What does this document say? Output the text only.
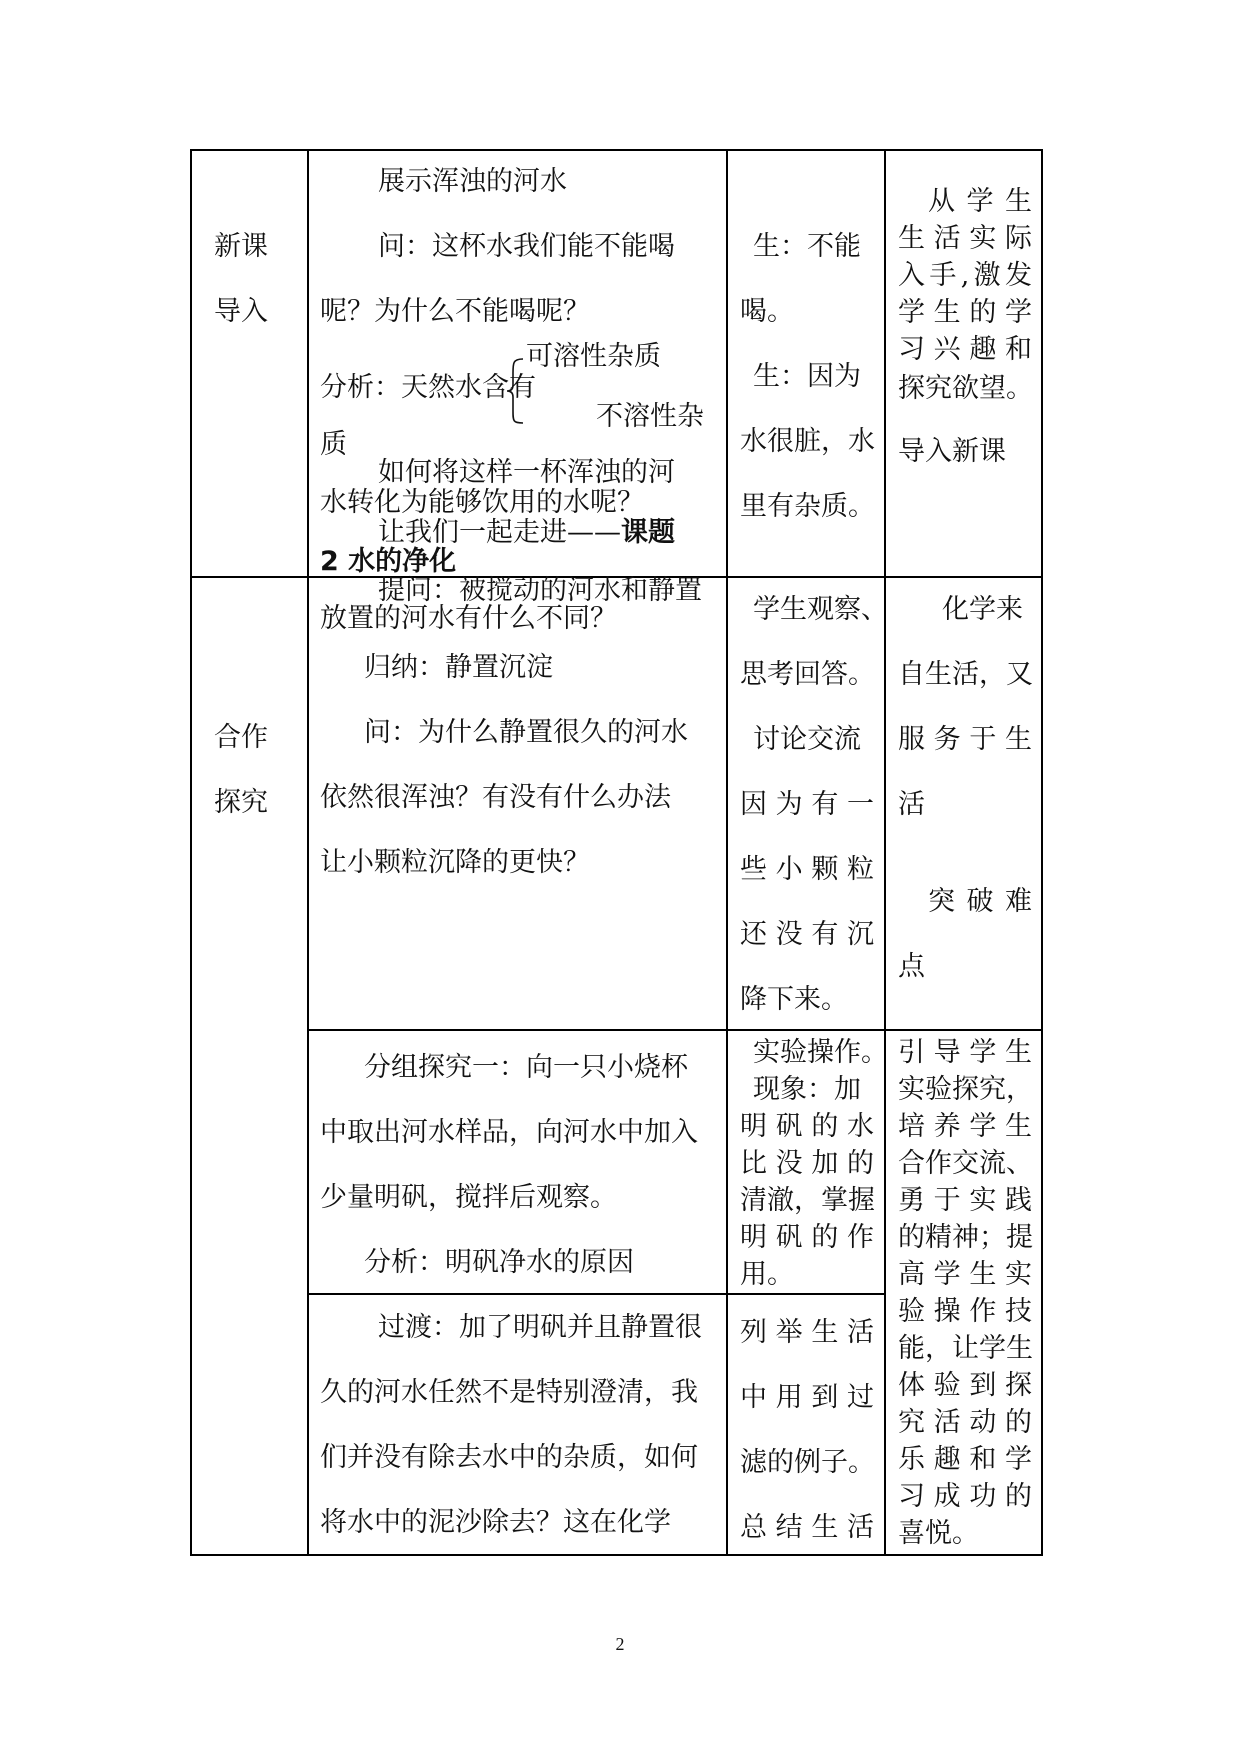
新课
导入
展示浑浊的河水
问：这杯水我们能不能喝
呢？为什么不能喝呢？
可溶性杂质
分析：天然水含有
不溶性杂
质
如何将这样一杯浑浊的河
水转化为能够饮用的水呢？
让我们一起走进——课题
2 水的净化
生：不能
喝。
生：因为
水很脏，水
里有杂质。
从学生
生活实际
入手,激发
学生的学
习兴趣和
探究欲望。
导入新课
合作
探究
提问：被搅动的河水和静置
放置的河水有什么不同？
归纳：静置沉淀
问：为什么静置很久的河水
依然很浑浊？有没有什么办法
让小颗粒沉降的更快？
学生观察、
思考回答。
讨论交流
因为有一
些小颗粒
还没有沉
降下来。
化学来
自生活，又
服务于生
活
突破难
点
分组探究一：向一只小烧杯
中取出河水样品，向河水中加入
少量明矾，搅拌后观察。
分析：明矾净水的原因
实验操作。
现象：加
明矾的水
比没加的
清澈，掌握
明矾的作
用。
过渡：加了明矾并且静置很
久的河水任然不是特别澄清，我
们并没有除去水中的杂质，如何
将水中的泥沙除去？这在化学
列举生活
中用到过
滤的例子。
总结生活
引导学生
实验探究，
培养学生
合作交流、
勇于实践
的精神；提
高学生实
验操作技
能，让学生
体验到探
究活动的
乐趣和学
习成功的
喜悦。
2
